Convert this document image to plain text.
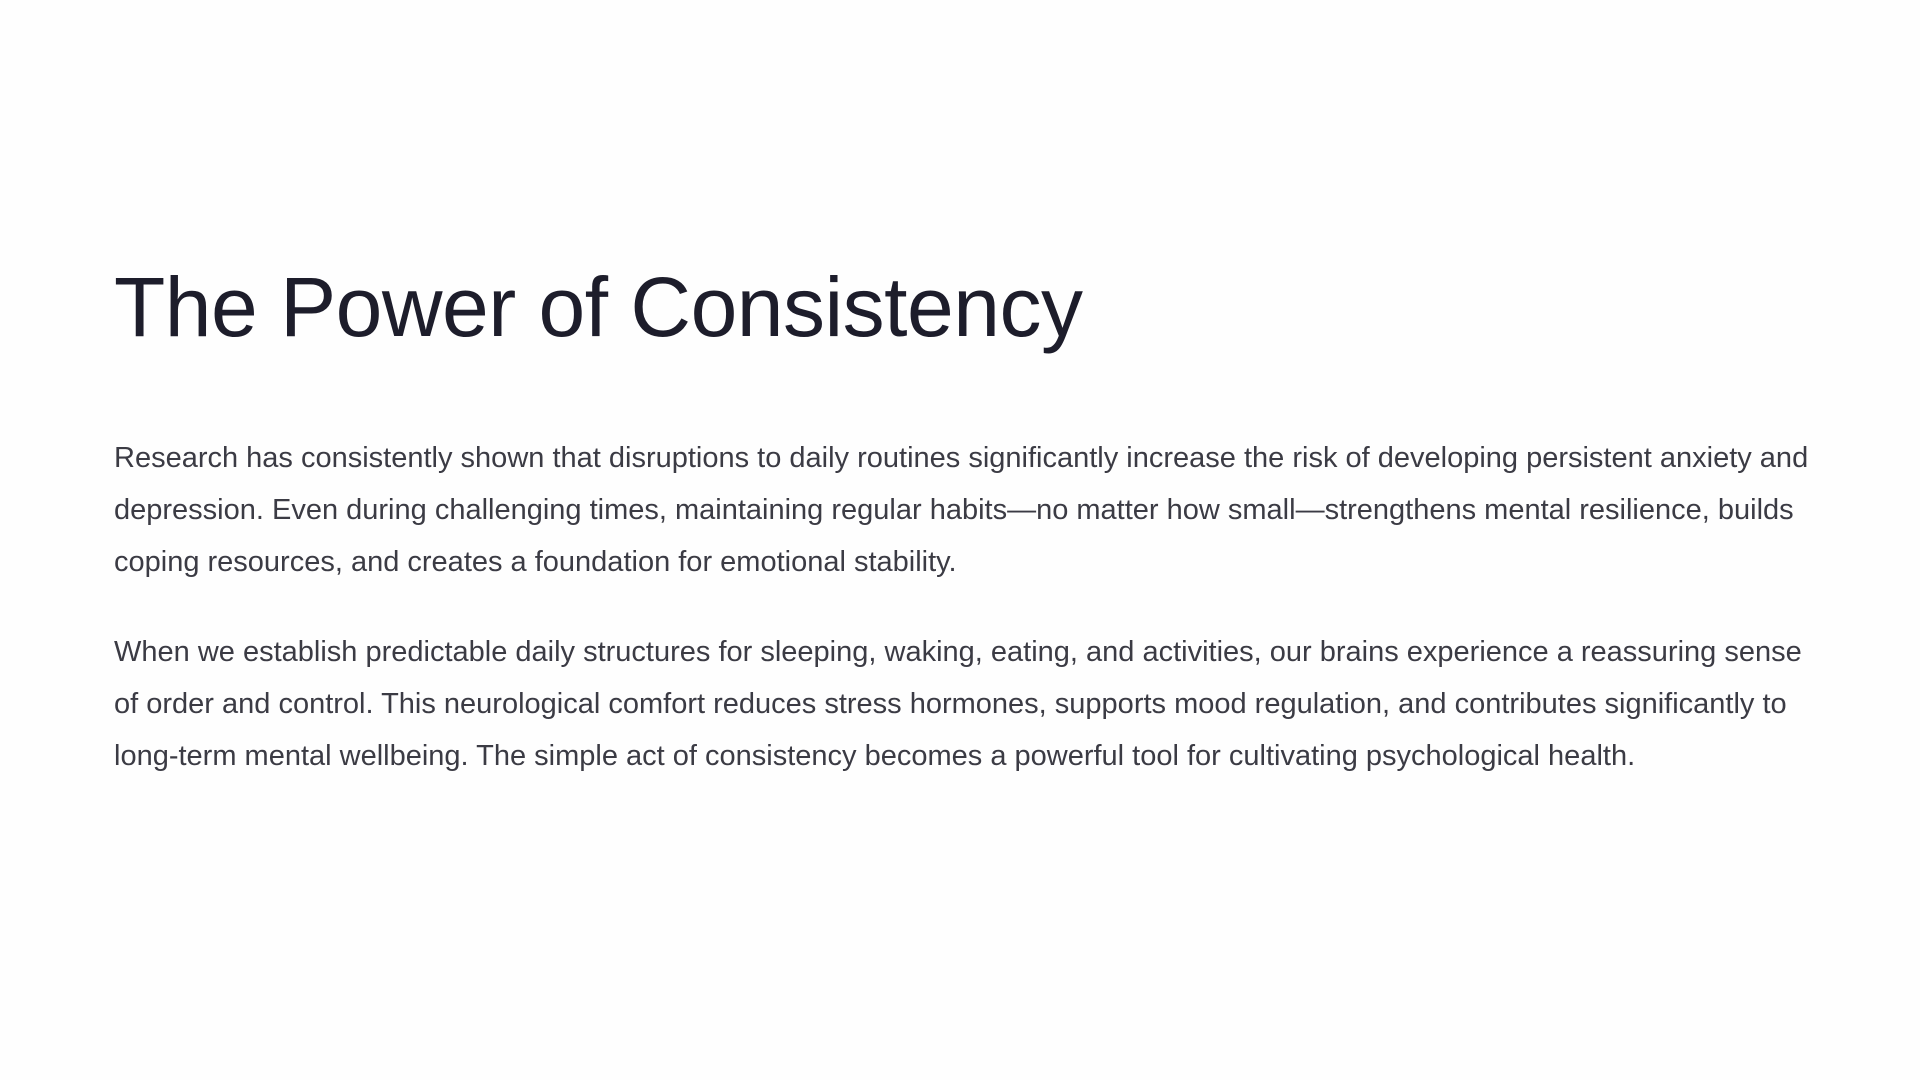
The Power of Consistency

Research has consistently shown that disruptions to daily routines significantly increase the risk of developing persistent anxiety and depression. Even during challenging times, maintaining regular habits—no matter how small—strengthens mental resilience, builds coping resources, and creates a foundation for emotional stability.

When we establish predictable daily structures for sleeping, waking, eating, and activities, our brains experience a reassuring sense of order and control. This neurological comfort reduces stress hormones, supports mood regulation, and contributes significantly to long-term mental wellbeing. The simple act of consistency becomes a powerful tool for cultivating psychological health.
